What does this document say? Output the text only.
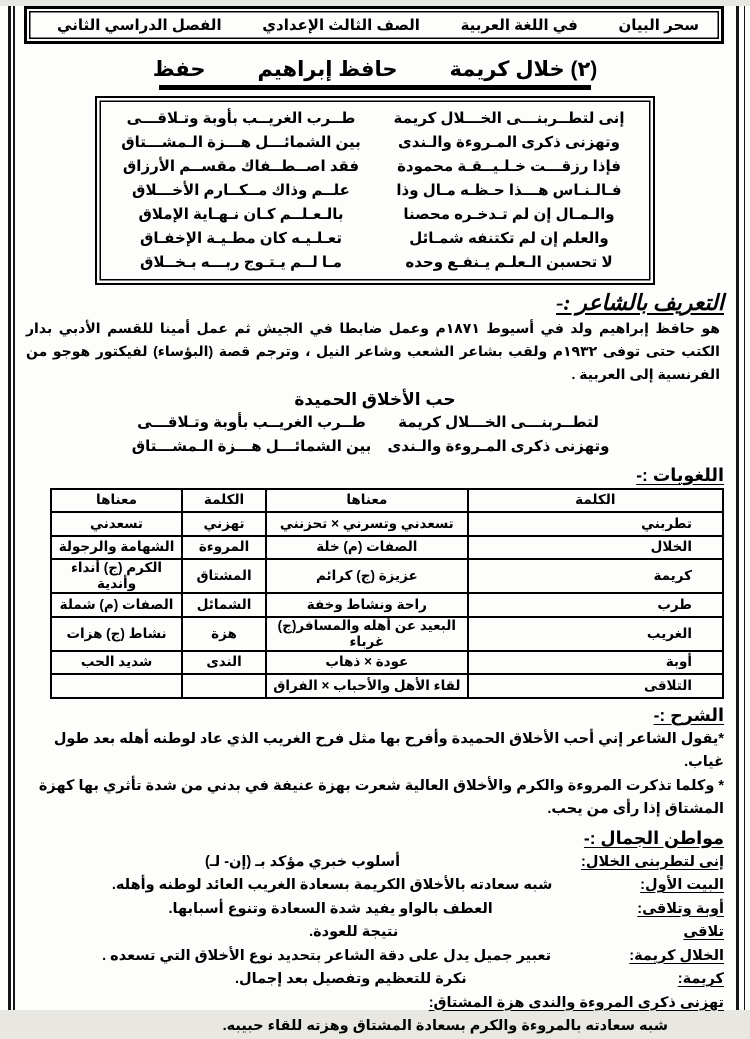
سحر البيان
في اللغة العربية
الصف الثالث الإعدادي
الفصل الدراسي الثاني
(٢) خلال كريمة
حافظ إبراهيم
حفظ
إنى لتطــربنـــى الخـــلال كريمة
طــرب الغريــب بأوبة وتـلاقـــى
وتهزنى ذكرى المـروءة والـندى
بين الشمائـــل هـــزة الـمشـــتاق
فإذا رزقـــت خـلـيــقـة محمودة
فقد اصــطــفاك مقســم الأرزاق
فـالـنـاس هـــذا حـظـه مـال وذا
علــم وذاك مــكــارم الأخـــلاق
والـمـال إن لم تـدخـره محصنا
بالـعـلــم كـان نـهـاية الإملاق
والعلم إن لم تكتنفه شمـائل
تعـلـيـه كان مطـيـة الإخفـاق
لا تحسبن الـعلـم يـنفـع وحده
مـا لــم يـتـوج ربـــه بـخــلاق
التعريف بالشاعر :-

هو حافظ إبراهيم ولد في أسيوط ١٨٧١م وعمل ضابطا في الجيش ثم عمل أمينا للقسم الأدبي بدار الكتب حتى توفى ١٩٣٢م ولقب بشاعر الشعب وشاعر النيل ، وترجم قصة (البؤساء) لفيكتور هوجو من الفرنسية إلى العربية .

حب الأخلاق الحميدة
لتطــربنـــى الخـــلال كريمة
طــرب الغريــب بأوبة وتـلاقـــى
وتهزنى ذكرى المـروءة والـندى
بين الشمائـــل هـــزة الـمشـــتاق
اللغويات :-
الكلمة	معناها	الكلمة	معناها
تطربني	تسعدني وتسرني × تحزنني	تهزني	تسعدني
الخلال	الصفات (م) خلة	المروءة	الشهامة والرجولة
كريمة	عزيزة (ج) كرائم	المشتاق	الكرم (ج) أنداء وأندية
طرب	راحة ونشاط وخفة	الشمائل	الصفات (م) شملة
الغريب	البعيد عن أهله والمسافر(ج) غرباء	هزة	نشاط (ج) هزات
أوبة	عودة × ذهاب	الندى	شديد الحب
التلاقى	لقاء الأهل والأحباب × الفراق		
الشرح :-

*يقول الشاعر إني أحب الأخلاق الحميدة وأفرح بها مثل فرح الغريب الذي عاد لوطنه أهله بعد طول غياب.

* وكلما تذكرت المروءة والكرم والأخلاق العالية شعرت بهزة عنيفة في بدني من شدة تأثري بها كهزة المشتاق إذا رأى من يحب.

مواطن الجمال :-
إنى لتطربنى الخلال:
أسلوب خبري مؤكد بـ (إن- لـ)
البيت الأول:
شبه سعادته بالأخلاق الكريمة بسعادة الغريب العائد لوطنه وأهله.
أوبة وتلاقى:
العطف بالواو يفيد شدة السعادة وتنوع أسبابها.
تلاقى
نتيجة للعودة.
الخلال كريمة:
تعبير جميل يدل على دقة الشاعر بتحديد نوع الأخلاق التي تسعده .
كريمة:
نكرة للتعظيم وتفصيل بعد إجمال.
تهزنى ذكرى المروءة والندى هزة المشتاق:
شبه سعادته بالمروءة والكرم بسعادة المشتاق وهزته للقاء حبيبه.
